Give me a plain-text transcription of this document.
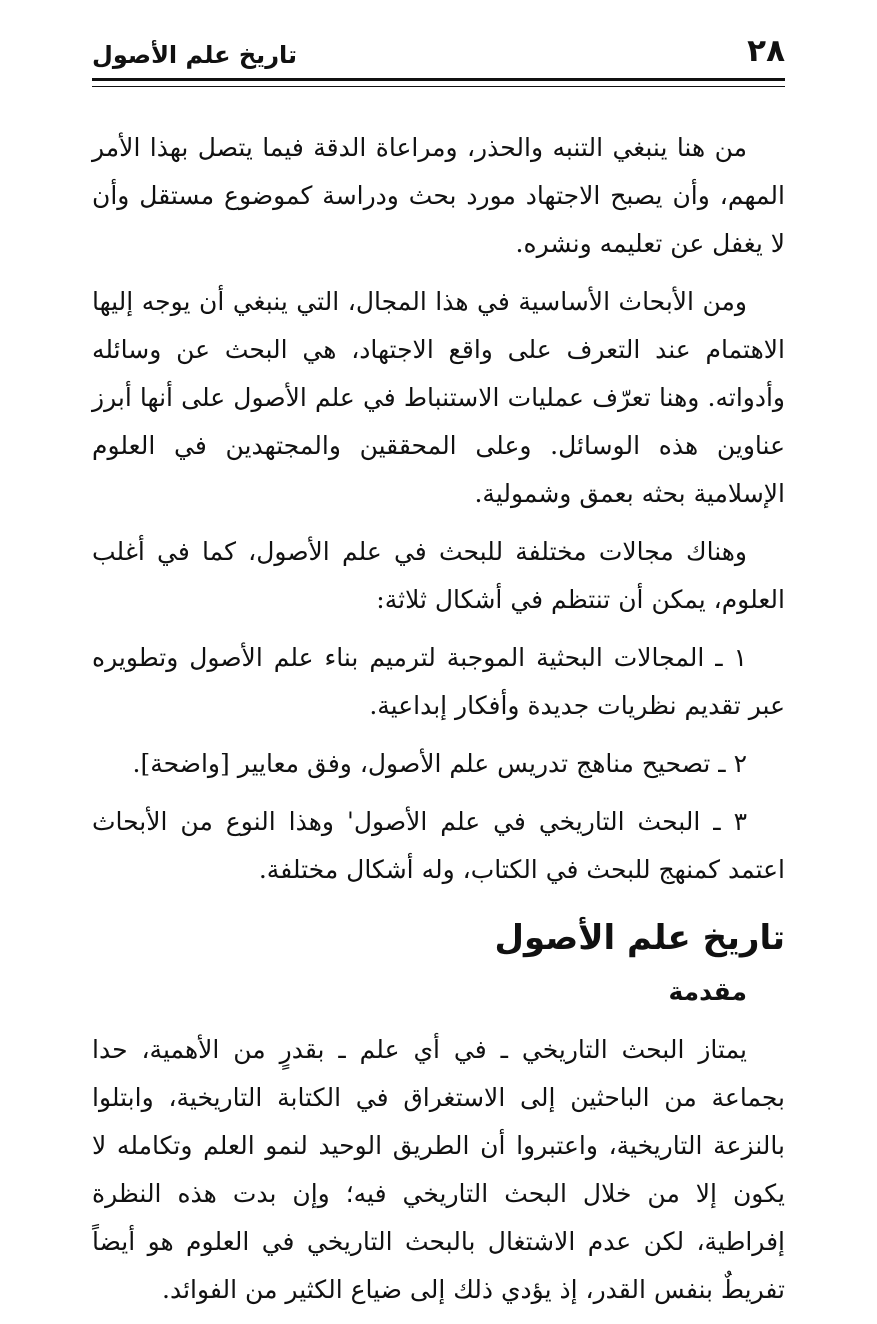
٢٨
تاريخ علم الأصول

من هنا ينبغي التنبه والحذر، ومراعاة الدقة فيما يتصل بهذا الأمر المهم، وأن يصبح الاجتهاد مورد بحث ودراسة كموضوع مستقل وأن لا يغفل عن تعليمه ونشره.

ومن الأبحاث الأساسية في هذا المجال، التي ينبغي أن يوجه إليها الاهتمام عند التعرف على واقع الاجتهاد، هي البحث عن وسائله وأدواته. وهنا تعرّف عمليات الاستنباط في علم الأصول على أنها أبرز عناوين هذه الوسائل. وعلى المحققين والمجتهدين في العلوم الإسلامية بحثه بعمق وشمولية.

وهناك مجالات مختلفة للبحث في علم الأصول، كما في أغلب العلوم، يمكن أن تنتظم في أشكال ثلاثة:

١ ـ المجالات البحثية الموجبة لترميم بناء علم الأصول وتطويره عبر تقديم نظريات جديدة وأفكار إبداعية.

٢ ـ تصحيح مناهج تدريس علم الأصول، وفق معايير [واضحة].

٣ ـ البحث التاريخي في علم الأصول' وهذا النوع من الأبحاث اعتمد كمنهج للبحث في الكتاب، وله أشكال مختلفة.

تاريخ علم الأصول
مقدمة

يمتاز البحث التاريخي ـ في أي علم ـ بقدرٍ من الأهمية، حدا بجماعة من الباحثين إلى الاستغراق في الكتابة التاريخية، وابتلوا بالنزعة التاريخية، واعتبروا أن الطريق الوحيد لنمو العلم وتكامله لا يكون إلا من خلال البحث التاريخي فيه؛ وإن بدت هذه النظرة إفراطية، لكن عدم الاشتغال بالبحث التاريخي في العلوم هو أيضاً تفريطٌ بنفس القدر، إذ يؤدي ذلك إلى ضياع الكثير من الفوائد.
